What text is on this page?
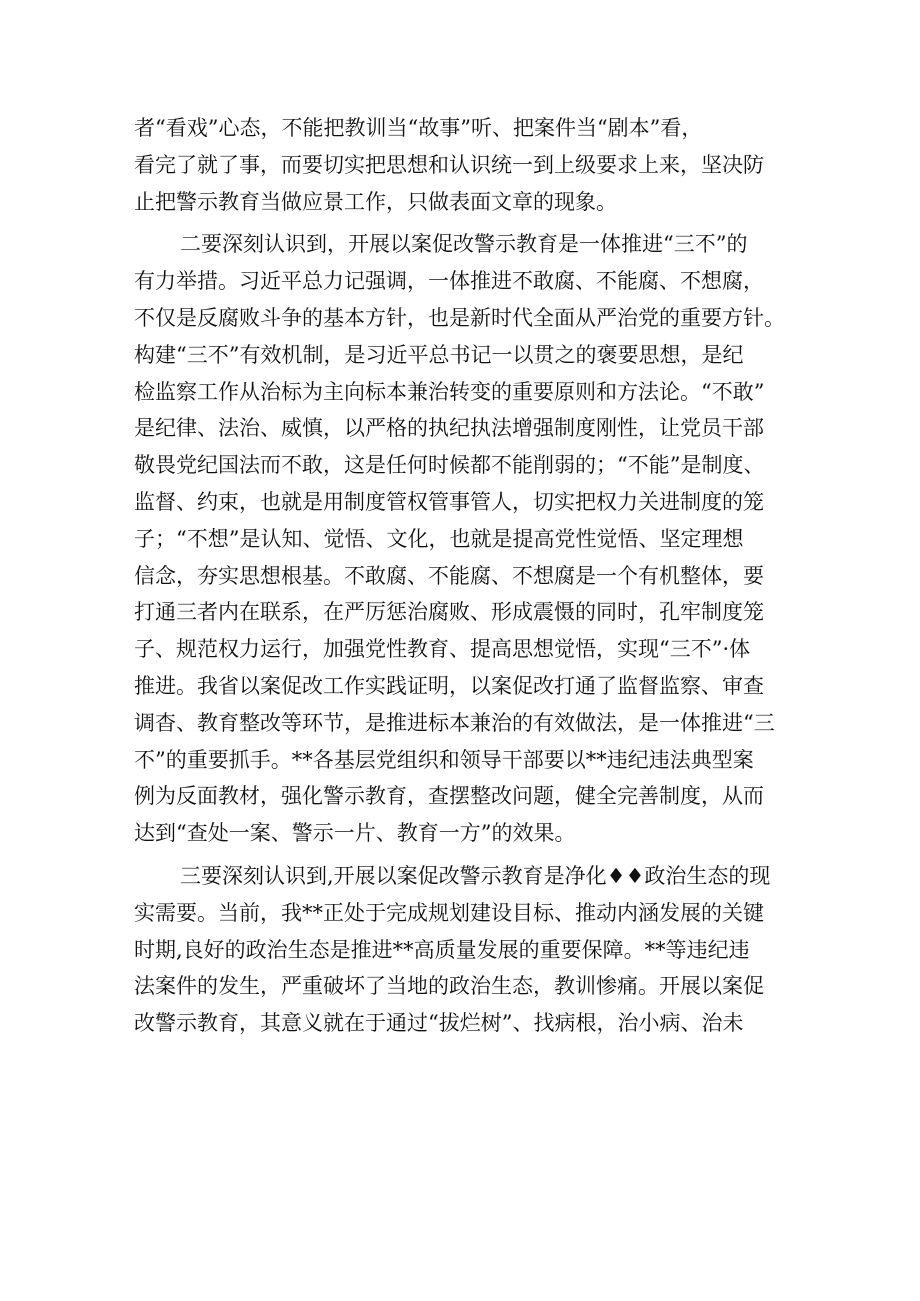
者“看戏”心态，不能把教训当“故事”听、把案件当“剧本”看，
看完了就了事，而要切实把思想和认识统一到上级要求上来，坚决防
止把警示教育当做应景工作，只做表面文章的现象。
二要深刻认识到，开展以案促改警示教育是一体推进“三不”的
有力举措。习近平总力记强调，一体推进不敢腐、不能腐、不想腐，
不仅是反腐败斗争的基本方针，也是新时代全面从严治党的重要方针。
构建“三不”有效机制，是习近平总书记一以贯之的褒要思想，是纪
检监察工作从治标为主向标本兼治转变的重要原则和方法论。“不敢”
是纪律、法治、威慎，以严格的执纪执法增强制度刚性，让党员干部
敬畏党纪国法而不敢，这是任何时候都不能削弱的；“不能”是制度、
监督、约束，也就是用制度管权管事管人，切实把权力关进制度的笼
子；“不想”是认知、觉悟、文化，也就是提高党性觉悟、坚定理想
信念，夯实思想根基。不敢腐、不能腐、不想腐是一个有机整体，要
打通三者内在联系，在严厉惩治腐败、形成震慑的同时，孔牢制度笼
子、规范权力运行，加强党性教育、提高思想觉悟，实现“三不”·体
推进。我省以案促改工作实践证明，以案促改打通了监督监察、审查
调杳、教育整改等环节，是推进标本兼治的有效做法，是一体推进“三
不”的重要抓手。**各基层党组织和领导干部要以**违纪违法典型案
例为反面教材，强化警示教育，查摆整改问题，健全完善制度，从而
达到“查处一案、警示一片、教育一方”的效果。
三要深刻认识到,开展以案促改警示教育是净化♦♦政治生态的现
实需要。当前，我**正处于完成规划建设目标、推动内涵发展的关键
时期,良好的政治生态是推进**高质量发展的重要保障。**等违纪违
法案件的发生，严重破坏了当地的政治生态，教训惨痛。开展以案促
改警示教育，其意义就在于通过“拔烂树”、找病根，治小病、治未
